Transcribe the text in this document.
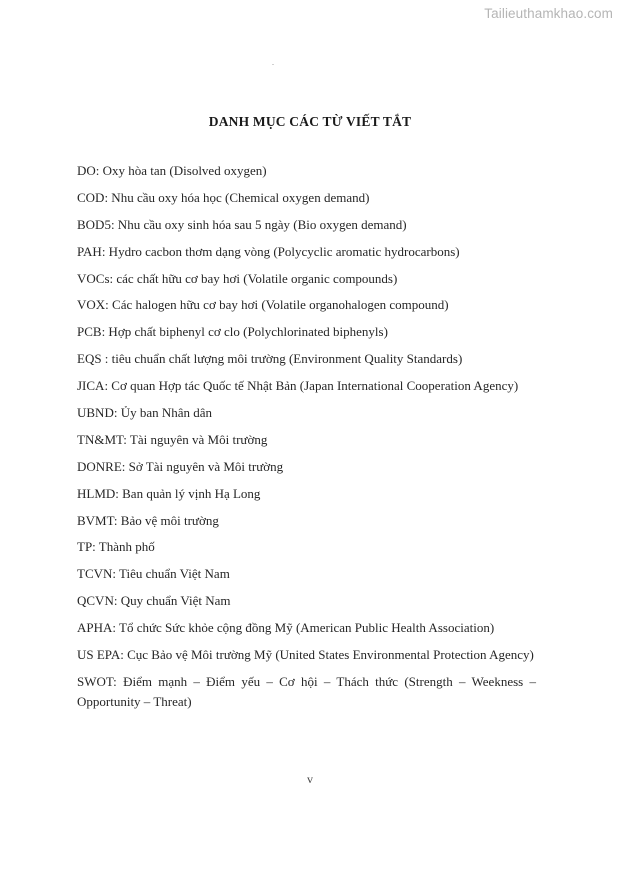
Tailieuthamkhao.com
.
DANH MỤC CÁC TỪ VIẾT TẮT
DO: Oxy hòa tan (Disolved oxygen)
COD: Nhu cầu oxy hóa học (Chemical oxygen demand)
BOD5: Nhu cầu oxy sinh hóa sau 5 ngày (Bio oxygen demand)
PAH: Hydro cacbon thơm dạng vòng (Polycyclic aromatic hydrocarbons)
VOCs: các chất hữu cơ bay hơi (Volatile organic compounds)
VOX: Các halogen hữu cơ bay hơi (Volatile organohalogen compound)
PCB: Hợp chất biphenyl cơ clo (Polychlorinated biphenyls)
EQS : tiêu chuẩn chất lượng môi trường (Environment Quality Standards)
JICA: Cơ quan Hợp tác Quốc tế Nhật Bản (Japan International Cooperation Agency)
UBND: Ủy ban Nhân dân
TN&MT: Tài nguyên và Môi trường
DONRE: Sở Tài nguyên và Môi trường
HLMD: Ban quản lý vịnh Hạ Long
BVMT: Bảo vệ môi trường
TP: Thành phố
TCVN: Tiêu chuẩn Việt Nam
QCVN: Quy chuẩn Việt Nam
APHA: Tổ chức Sức khỏe cộng đồng Mỹ (American Public Health Association)
US EPA: Cục Bảo vệ Môi trường Mỹ (United States Environmental Protection Agency)
SWOT: Điểm mạnh – Điểm yếu – Cơ hội – Thách thức (Strength – Weekness – Opportunity – Threat)
v
